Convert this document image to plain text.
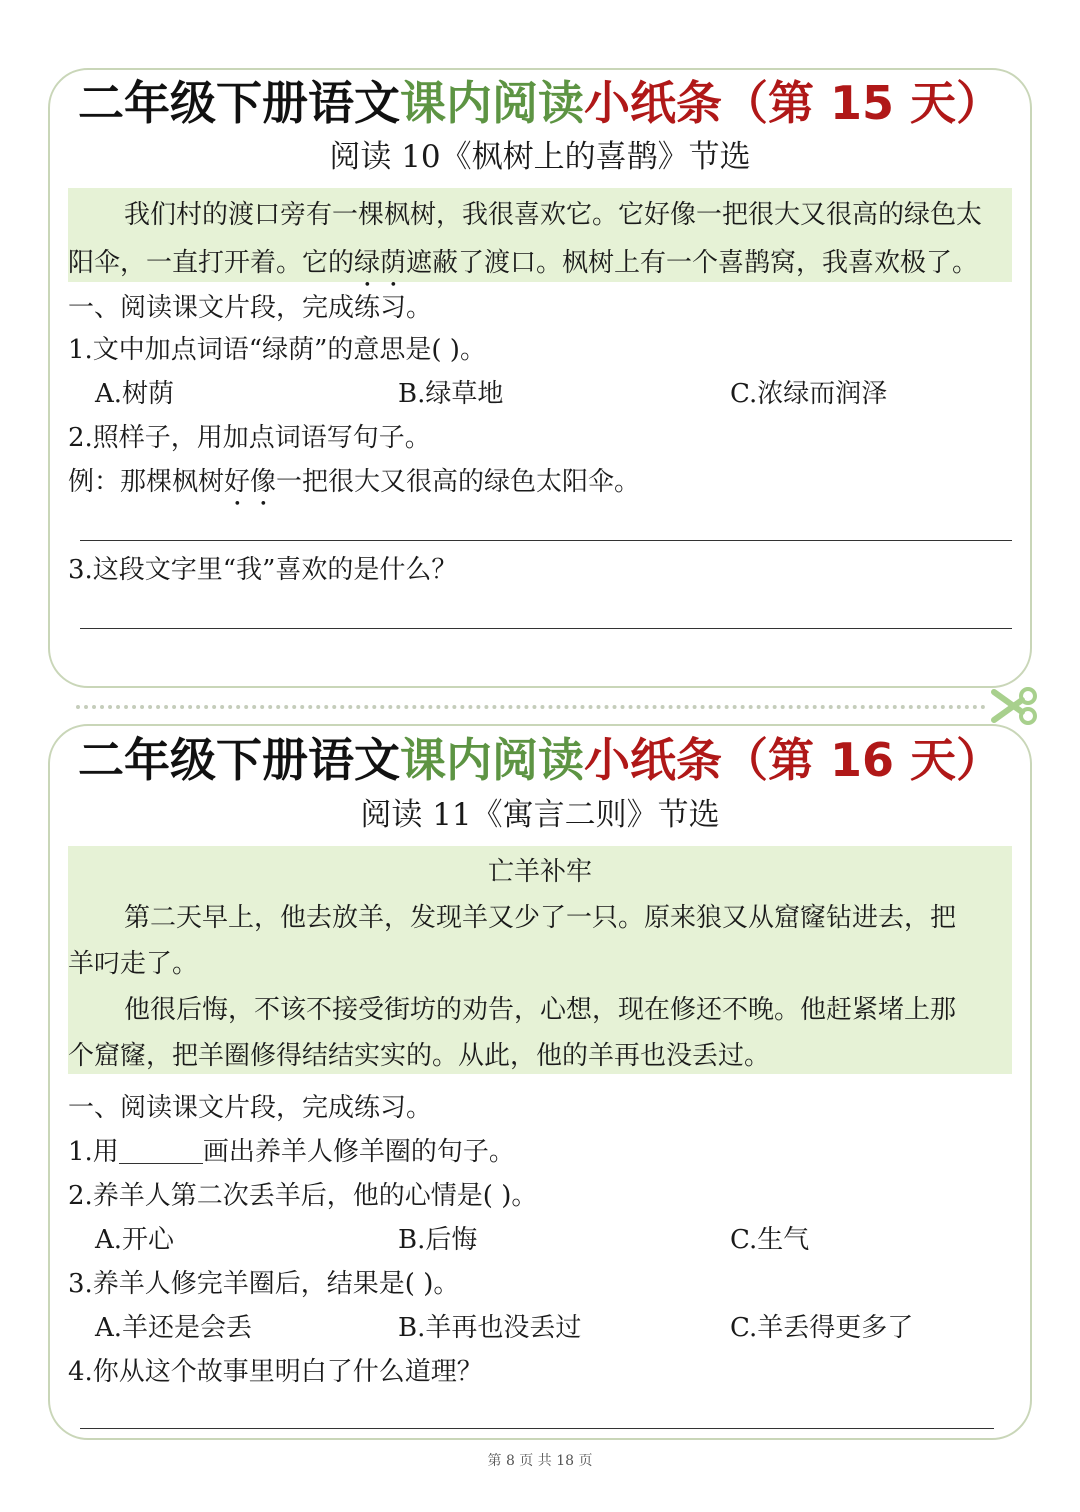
二年级下册语文课内阅读小纸条（第 15 天）
阅读 10《枫树上的喜鹊》节选
我们村的渡口旁有一棵枫树，我很喜欢它。它好像一把很大又很高的绿色太
阳伞，一直打开着。它的绿荫遮蔽了渡口。枫树上有一个喜鹊窝，我喜欢极了。
一、阅读课文片段，完成练习。
1.文中加点词语“绿荫”的意思是( )。
A.树荫	B.绿草地	C.浓绿而润泽
2.照样子，用加点词语写句子。
例：那棵枫树好像一把很大又很高的绿色太阳伞。
3.这段文字里“我”喜欢的是什么？
二年级下册语文课内阅读小纸条（第 16 天）
阅读 11《寓言二则》节选
亡羊补牢
第二天早上，他去放羊，发现羊又少了一只。原来狼又从窟窿钻进去，把
羊叼走了。
他很后悔，不该不接受街坊的劝告，心想，现在修还不晚。他赶紧堵上那
个窟窿，把羊圈修得结结实实的。从此，他的羊再也没丢过。
一、阅读课文片段，完成练习。
1.用	画出养羊人修羊圈的句子。
2.养羊人第二次丢羊后，他的心情是( )。
A.开心	B.后悔	C.生气
3.养羊人修完羊圈后，结果是( )。
A.羊还是会丢	B.羊再也没丢过	C.羊丢得更多了
4.你从这个故事里明白了什么道理？
第 8 页 共 18 页
